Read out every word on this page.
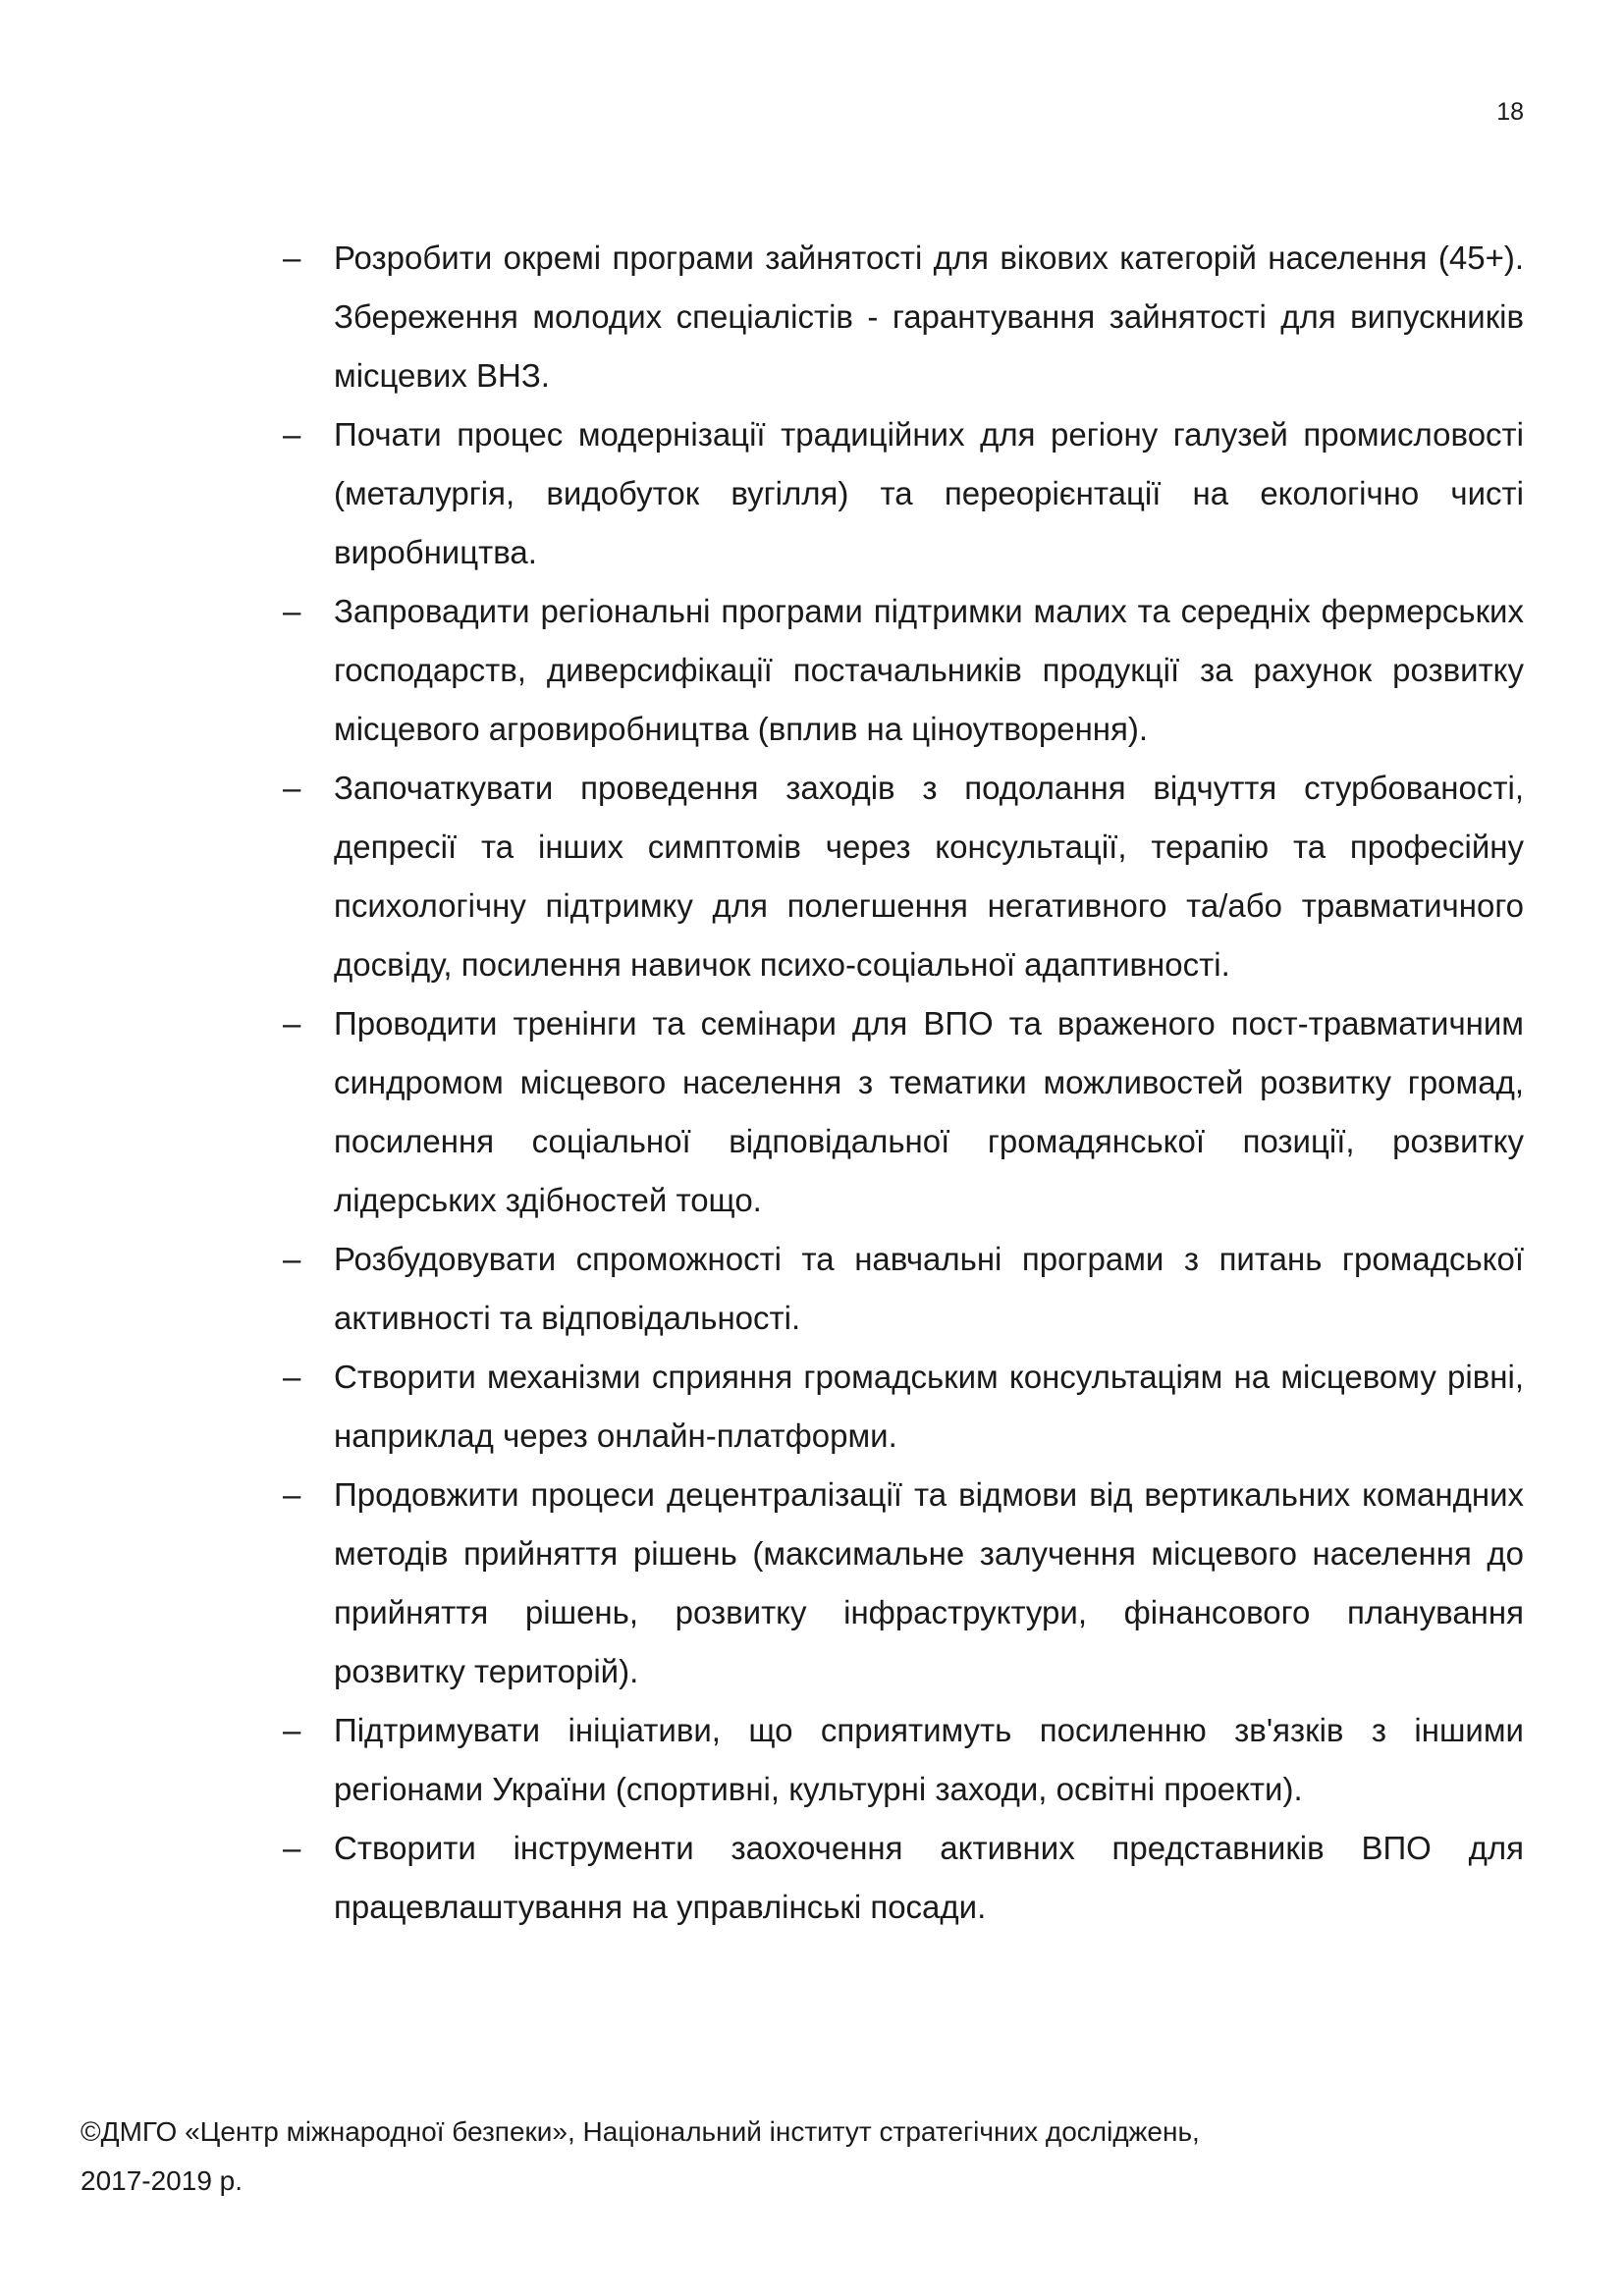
18

– Розробити окремі програми зайнятості для вікових категорій населення (45+). Збереження молодих спеціалістів - гарантування зайнятості для випускників місцевих ВНЗ.
– Почати процес модернізації традиційних для регіону галузей промисловості (металургія, видобуток вугілля) та переорієнтації на екологічно чисті виробництва.
– Запровадити регіональні програми підтримки малих та середніх фермерських господарств, диверсифікації постачальників продукції за рахунок розвитку місцевого агровиробництва (вплив на ціноутворення).
– Започаткувати проведення заходів з подолання відчуття стурбованості, депресії та інших симптомів через консультації, терапію та професійну психологічну підтримку для полегшення негативного та/або травматичного досвіду, посилення навичок психо-соціальної адаптивності.
– Проводити тренінги та семінари для ВПО та враженого пост-травматичним синдромом місцевого населення з тематики можливостей розвитку громад, посилення соціальної відповідальної громадянської позиції, розвитку лідерських здібностей тощо.
– Розбудовувати спроможності та навчальні програми з питань громадської активності та відповідальності.
– Створити механізми сприяння громадським консультаціям на місцевому рівні, наприклад через онлайн-платформи.
– Продовжити процеси децентралізації та відмови від вертикальних командних методів прийняття рішень (максимальне залучення місцевого населення до прийняття рішень, розвитку інфраструктури, фінансового планування розвитку територій).
– Підтримувати ініціативи, що сприятимуть посиленню зв'язків з іншими регіонами України (спортивні, культурні заходи, освітні проекти).
– Створити інструменти заохочення активних представників ВПО для працевлаштування на управлінські посади.

©ДМГО «Центр міжнародної безпеки», Національний інститут стратегічних досліджень,
2017-2019 р.
